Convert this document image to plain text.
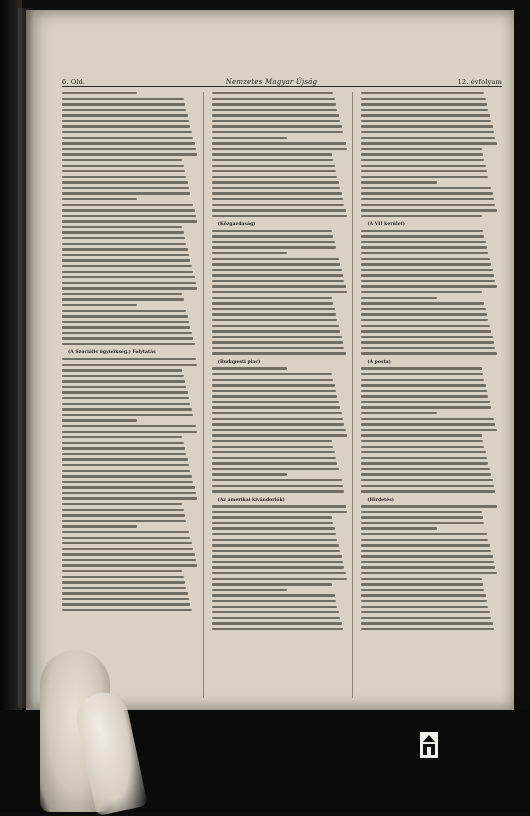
6. Old.	Nemzetes Magyar Újság	12. évfolyam
(A Szociális ügynökség.) Folytatás
(Közgazdaság)
(Budapesti piac)
(Az amerikai kivándorlók)
(A VII kerület)
(A posta)
(Hirdetés)
